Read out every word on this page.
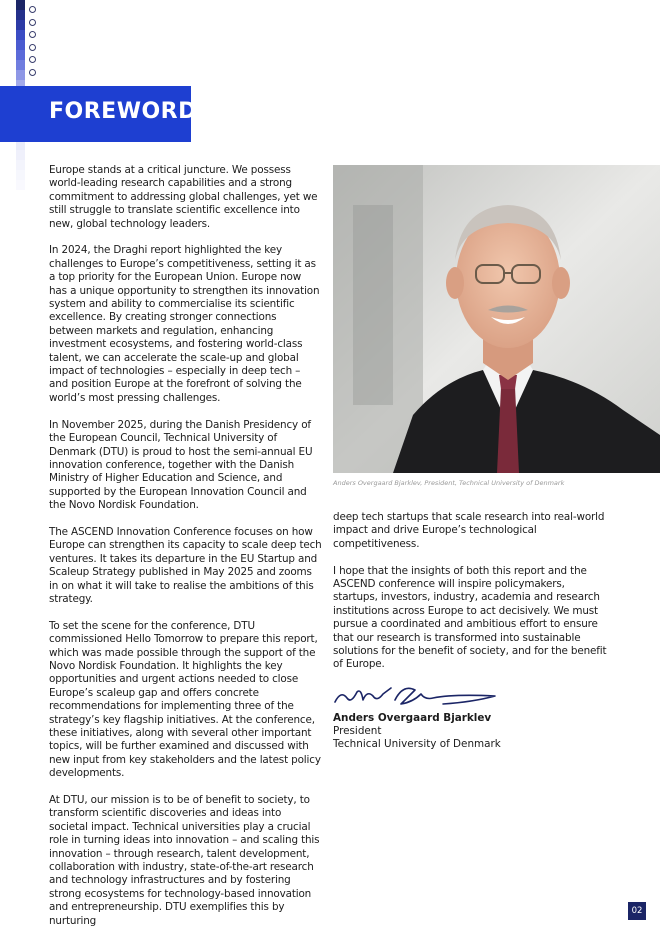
FOREWORD

Europe stands at a critical juncture. We possess world-leading research capabilities and a strong commitment to addressing global challenges, yet we still struggle to translate scientific excellence into new, global technology leaders.

In 2024, the Draghi report highlighted the key challenges to Europe’s competitiveness, setting it as a top priority for the European Union. Europe now has a unique opportunity to strengthen its innovation system and ability to commercialise its scientific excellence. By creating stronger connections between markets and regulation, enhancing investment ecosystems, and fostering world-class talent, we can accelerate the scale-up and global impact of technologies – especially in deep tech – and position Europe at the forefront of solving the world’s most pressing challenges.

In November 2025, during the Danish Presidency of the European Council, Technical University of Denmark (DTU) is proud to host the semi-annual EU innovation conference, together with the Danish Ministry of Higher Education and Science, and supported by the European Innovation Council and the Novo Nordisk Foundation.

The ASCEND Innovation Conference focuses on how Europe can strengthen its capacity to scale deep tech ventures. It takes its departure in the EU Startup and Scaleup Strategy published in May 2025 and zooms in on what it will take to realise the ambitions of this strategy.

To set the scene for the conference, DTU commissioned Hello Tomorrow to prepare this report, which was made possible through the support of the Novo Nordisk Foundation. It highlights the key opportunities and urgent actions needed to close Europe’s scaleup gap and offers concrete recommendations for implementing three of the strategy’s key flagship initiatives. At the conference, these initiatives, along with several other important topics, will be further examined and discussed with new input from key stakeholders and the latest policy developments.

At DTU, our mission is to be of benefit to society, to transform scientific discoveries and ideas into societal impact. Technical universities play a crucial role in turning ideas into innovation – and scaling this innovation – through research, talent development, collaboration with industry, state-of-the-art research and technology infrastructures and by fostering strong ecosystems for technology-based innovation and entrepreneurship. DTU exemplifies this by nurturing

Anders Overgaard Bjarklev, President, Technical University of Denmark

deep tech startups that scale research into real-world impact and drive Europe’s technological competitiveness.

I hope that the insights of both this report and the ASCEND conference will inspire policymakers, startups, investors, industry, academia and research institutions across Europe to act decisively. We must pursue a coordinated and ambitious effort to ensure that our research is transformed into sustainable solutions for the benefit of society, and for the benefit of Europe.

Anders Overgaard Bjarklev
President
Technical University of Denmark
02
